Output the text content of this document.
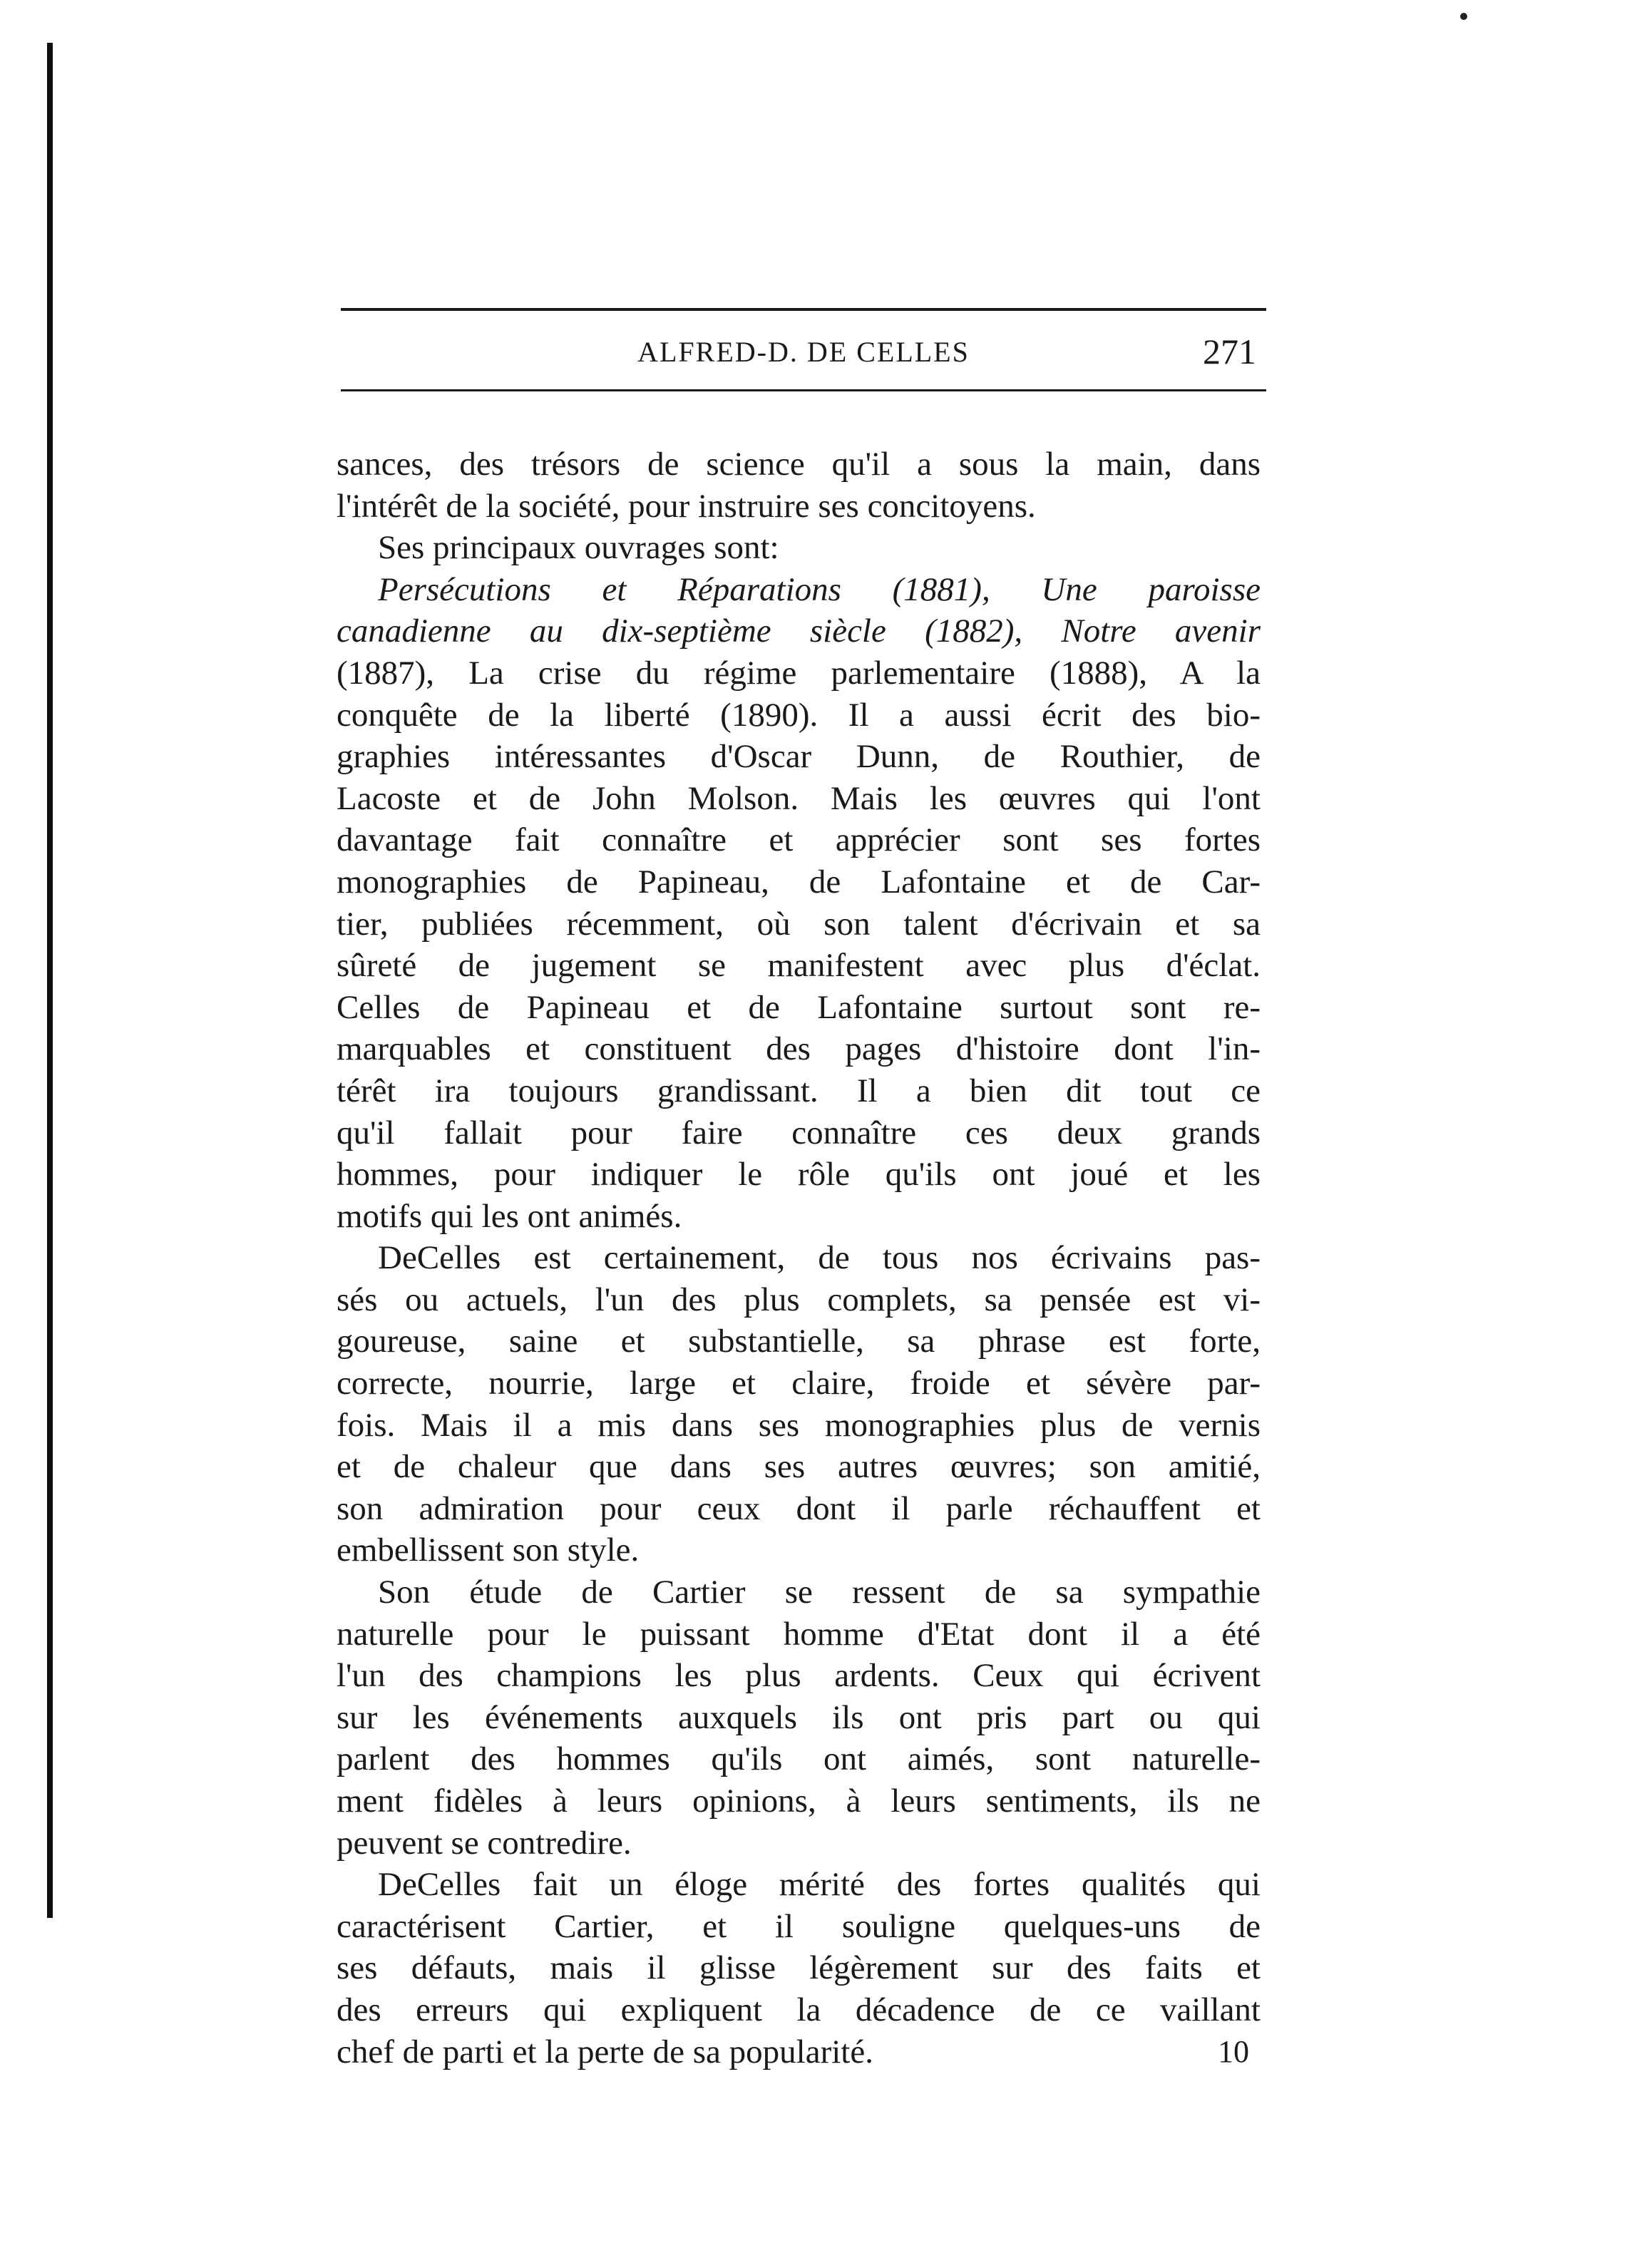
ALFRED-D. DE CELLES	271
sances, des trésors de science qu'il a sous la main, dans
l'intérêt de la société, pour instruire ses concitoyens.
Ses principaux ouvrages sont:
Persécutions et Réparations (1881), Une paroisse
canadienne au dix-septième siècle (1882), Notre avenir
(1887), La crise du régime parlementaire (1888), A la
conquête de la liberté (1890). Il a aussi écrit des bio-
graphies intéressantes d'Oscar Dunn, de Routhier, de
Lacoste et de John Molson. Mais les œuvres qui l'ont
davantage fait connaître et apprécier sont ses fortes
monographies de Papineau, de Lafontaine et de Car-
tier, publiées récemment, où son talent d'écrivain et sa
sûreté de jugement se manifestent avec plus d'éclat.
Celles de Papineau et de Lafontaine surtout sont re-
marquables et constituent des pages d'histoire dont l'in-
térêt ira toujours grandissant. Il a bien dit tout ce
qu'il fallait pour faire connaître ces deux grands
hommes, pour indiquer le rôle qu'ils ont joué et les
motifs qui les ont animés.
DeCelles est certainement, de tous nos écrivains pas-
sés ou actuels, l'un des plus complets, sa pensée est vi-
goureuse, saine et substantielle, sa phrase est forte,
correcte, nourrie, large et claire, froide et sévère par-
fois. Mais il a mis dans ses monographies plus de vernis
et de chaleur que dans ses autres œuvres; son amitié,
son admiration pour ceux dont il parle réchauffent et
embellissent son style.
Son étude de Cartier se ressent de sa sympathie
naturelle pour le puissant homme d'Etat dont il a été
l'un des champions les plus ardents. Ceux qui écrivent
sur les événements auxquels ils ont pris part ou qui
parlent des hommes qu'ils ont aimés, sont naturelle-
ment fidèles à leurs opinions, à leurs sentiments, ils ne
peuvent se contredire.
DeCelles fait un éloge mérité des fortes qualités qui
caractérisent Cartier, et il souligne quelques-uns de
ses défauts, mais il glisse légèrement sur des faits et
des erreurs qui expliquent la décadence de ce vaillant
chef de parti et la perte de sa popularité.	10
